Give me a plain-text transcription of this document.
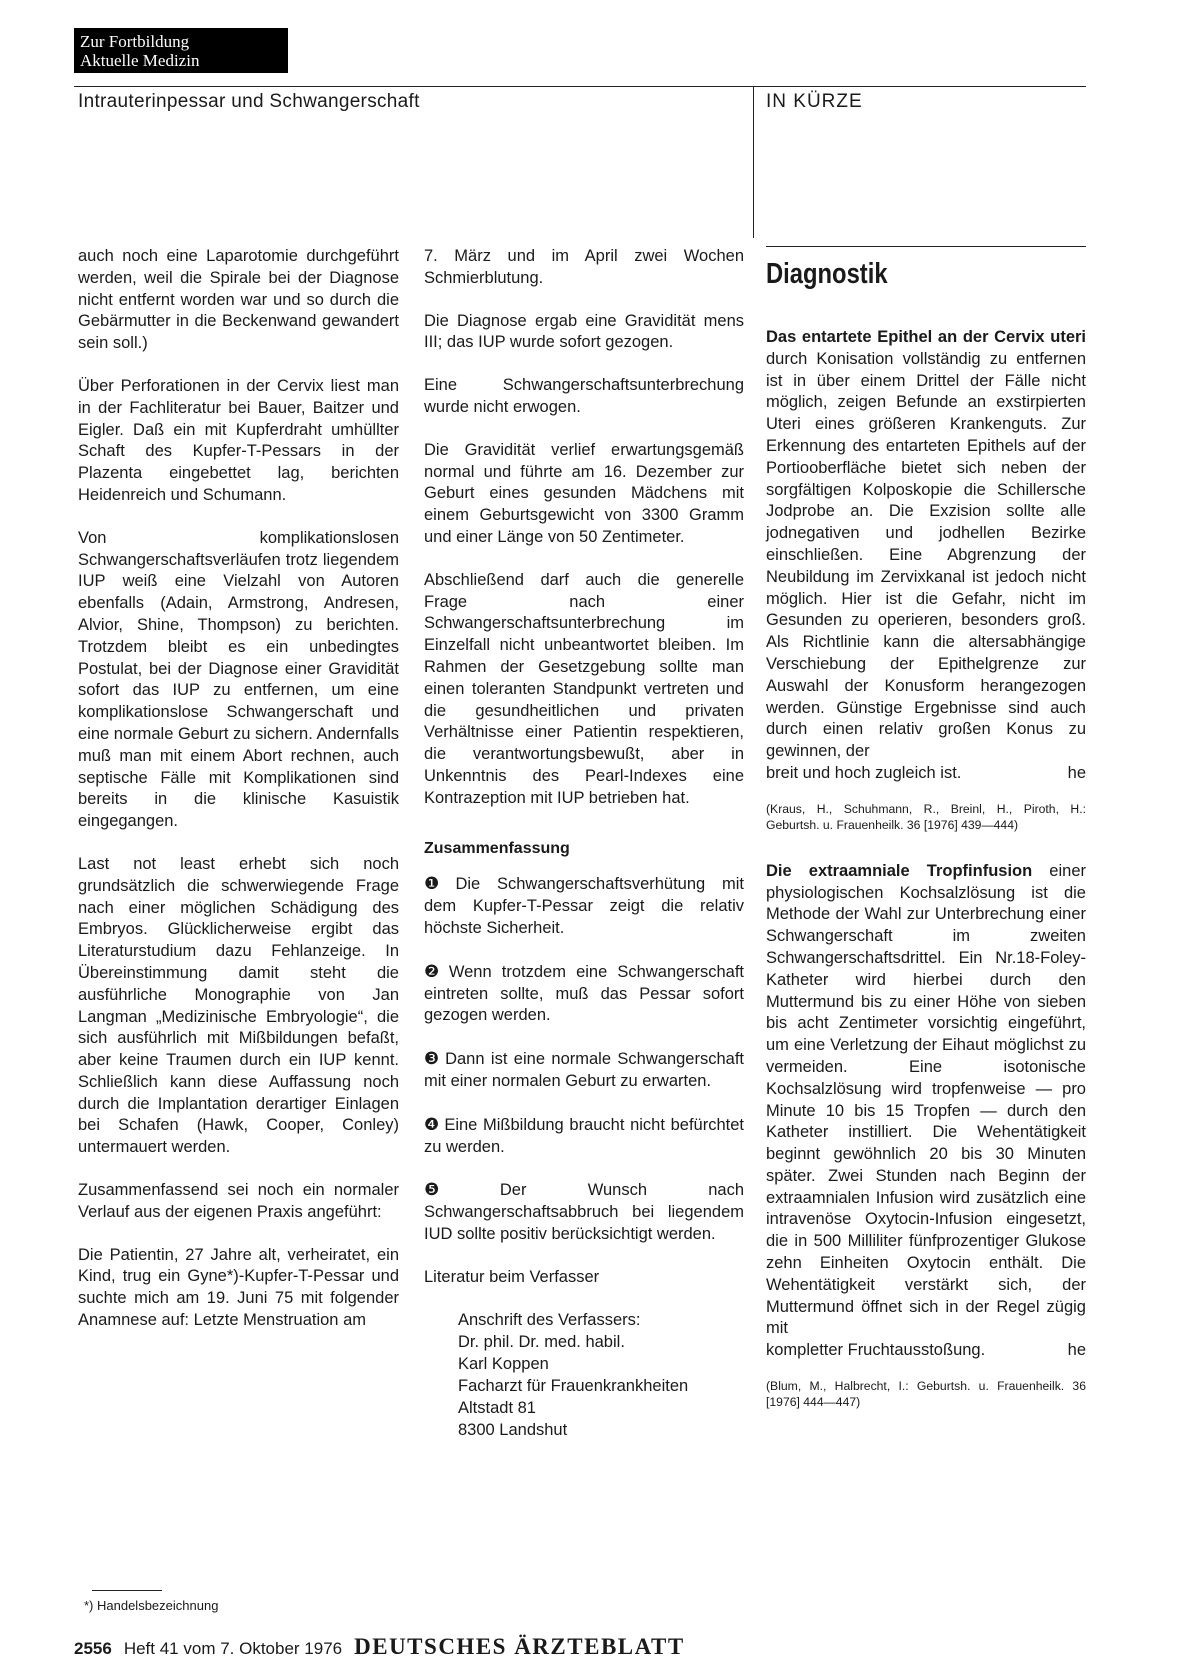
Zur Fortbildung
Aktuelle Medizin
Intrauterinpessar und Schwangerschaft	IN KÜRZE

auch noch eine Laparotomie durchgeführt werden, weil die Spirale bei der Diagnose nicht entfernt worden war und so durch die Gebärmutter in die Beckenwand gewandert sein soll.)

Über Perforationen in der Cervix liest man in der Fachliteratur bei Bauer, Baitzer und Eigler. Daß ein mit Kupferdraht umhüllter Schaft des Kupfer-T-Pessars in der Plazenta eingebettet lag, berichten Heidenreich und Schumann.

Von komplikationslosen Schwangerschaftsverläufen trotz liegendem IUP weiß eine Vielzahl von Autoren ebenfalls (Adain, Armstrong, Andresen, Alvior, Shine, Thompson) zu berichten. Trotzdem bleibt es ein unbedingtes Postulat, bei der Diagnose einer Gravidität sofort das IUP zu entfernen, um eine komplikationslose Schwangerschaft und eine normale Geburt zu sichern. Andernfalls muß man mit einem Abort rechnen, auch septische Fälle mit Komplikationen sind bereits in die klinische Kasuistik eingegangen.

Last not least erhebt sich noch grundsätzlich die schwerwiegende Frage nach einer möglichen Schädigung des Embryos. Glücklicherweise ergibt das Literaturstudium dazu Fehlanzeige. In Übereinstimmung damit steht die ausführliche Monographie von Jan Langman „Medizinische Embryologie“, die sich ausführlich mit Mißbildungen befaßt, aber keine Traumen durch ein IUP kennt. Schließlich kann diese Auffassung noch durch die Implantation derartiger Einlagen bei Schafen (Hawk, Cooper, Conley) untermauert werden.

Zusammenfassend sei noch ein normaler Verlauf aus der eigenen Praxis angeführt:

Die Patientin, 27 Jahre alt, verheiratet, ein Kind, trug ein Gyne*)-Kupfer-T-Pessar und suchte mich am 19. Juni 75 mit folgender Anamnese auf: Letzte Menstruation am

7. März und im April zwei Wochen Schmierblutung.

Die Diagnose ergab eine Gravidität mens III; das IUP wurde sofort gezogen.

Eine Schwangerschaftsunterbrechung wurde nicht erwogen.

Die Gravidität verlief erwartungsgemäß normal und führte am 16. Dezember zur Geburt eines gesunden Mädchens mit einem Geburtsgewicht von 3300 Gramm und einer Länge von 50 Zentimeter.

Abschließend darf auch die generelle Frage nach einer Schwangerschaftsunterbrechung im Einzelfall nicht unbeantwortet bleiben. Im Rahmen der Gesetzgebung sollte man einen toleranten Standpunkt vertreten und die gesundheitlichen und privaten Verhältnisse einer Patientin respektieren, die verantwortungsbewußt, aber in Unkenntnis des Pearl-Indexes eine Kontrazeption mit IUP betrieben hat.

Zusammenfassung
❶ Die Schwangerschaftsverhütung mit dem Kupfer-T-Pessar zeigt die relativ höchste Sicherheit.
❷ Wenn trotzdem eine Schwangerschaft eintreten sollte, muß das Pessar sofort gezogen werden.
❸ Dann ist eine normale Schwangerschaft mit einer normalen Geburt zu erwarten.
❹ Eine Mißbildung braucht nicht befürchtet zu werden.
❺ Der Wunsch nach Schwangerschaftsabbruch bei liegendem IUD sollte positiv berücksichtigt werden.

Literatur beim Verfasser

Anschrift des Verfassers:
Dr. phil. Dr. med. habil.
Karl Koppen
Facharzt für Frauenkrankheiten
Altstadt 81
8300 Landshut
Diagnostik
Das entartete Epithel an der Cervix uteri durch Konisation vollständig zu entfernen ist in über einem Drittel der Fälle nicht möglich, zeigen Befunde an exstirpierten Uteri eines größeren Krankenguts. Zur Erkennung des entarteten Epithels auf der Portiooberfläche bietet sich neben der sorgfältigen Kolposkopie die Schillersche Jodprobe an. Die Exzision sollte alle jodnegativen und jodhellen Bezirke einschließen. Eine Abgrenzung der Neubildung im Zervixkanal ist jedoch nicht möglich. Hier ist die Gefahr, nicht im Gesunden zu operieren, besonders groß. Als Richtlinie kann die altersabhängige Verschiebung der Epithelgrenze zur Auswahl der Konusform herangezogen werden. Günstige Ergebnisse sind auch durch einen relativ großen Konus zu gewinnen, der
breit und hoch zugleich ist.	he
(Kraus, H., Schuhmann, R., Breinl, H., Piroth, H.: Geburtsh. u. Frauenheilk. 36 [1976] 439—444)
Die extraamniale Tropfinfusion einer physiologischen Kochsalzlösung ist die Methode der Wahl zur Unterbrechung einer Schwangerschaft im zweiten Schwangerschaftsdrittel. Ein Nr.18-Foley-Katheter wird hierbei durch den Muttermund bis zu einer Höhe von sieben bis acht Zentimeter vorsichtig eingeführt, um eine Verletzung der Eihaut möglichst zu vermeiden. Eine isotonische Kochsalzlösung wird tropfenweise — pro Minute 10 bis 15 Tropfen — durch den Katheter instilliert. Die Wehentätigkeit beginnt gewöhnlich 20 bis 30 Minuten später. Zwei Stunden nach Beginn der extraamnialen Infusion wird zusätzlich eine intravenöse Oxytocin-Infusion eingesetzt, die in 500 Milliliter fünfprozentiger Glukose zehn Einheiten Oxytocin enthält. Die Wehentätigkeit verstärkt sich, der Muttermund öffnet sich in der Regel zügig mit
kompletter Fruchtausstoßung.	he
(Blum, M., Halbrecht, I.: Geburtsh. u. Frauenheilk. 36 [1976] 444—447)
*) Handelsbezeichnung
2556 Heft 41 vom 7. Oktober 1976 DEUTSCHES ÄRZTEBLATT
